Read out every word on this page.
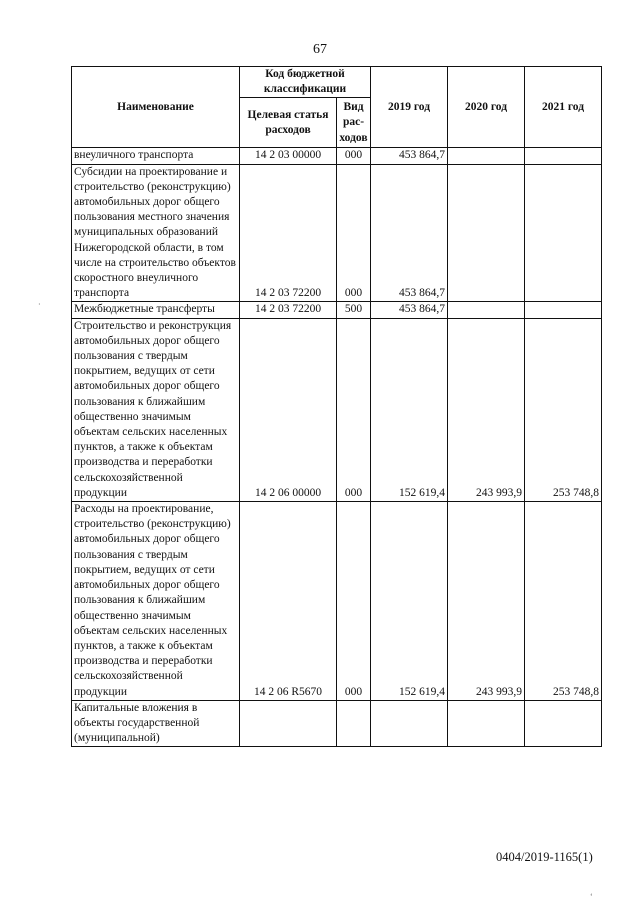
67
Наименование	Код бюджетной классификации		2019 год	2020 год	2021 год
	Целевая статья расходов	Вид рас-ходов			
внеуличного транспорта	14 2 03 00000	000	453 864,7		
Субсидии на проектирование и строительство (реконструкцию) автомобильных дорог общего пользования местного значения муниципальных образований Нижегородской области, в том числе на строительство объектов скоростного внеуличного транспорта	14 2 03 72200	000	453 864,7		
Межбюджетные трансферты	14 2 03 72200	500	453 864,7		
Строительство и реконструкция автомобильных дорог общего пользования с твердым покрытием, ведущих от сети автомобильных дорог общего пользования к ближайшим общественно значимым объектам сельских населенных пунктов, а также к объектам производства и переработки сельскохозяйственной продукции	14 2 06 00000	000	152 619,4	243 993,9	253 748,8
Расходы на проектирование, строительство (реконструкцию) автомобильных дорог общего пользования с твердым покрытием, ведущих от сети автомобильных дорог общего пользования к ближайшим общественно значимым объектам сельских населенных пунктов, а также к объектам производства и переработки сельскохозяйственной продукции	14 2 06 R5670	000	152 619,4	243 993,9	253 748,8
Капитальные вложения в объекты государственной (муниципальной)					
0404/2019-1165(1)
·
ʻ
